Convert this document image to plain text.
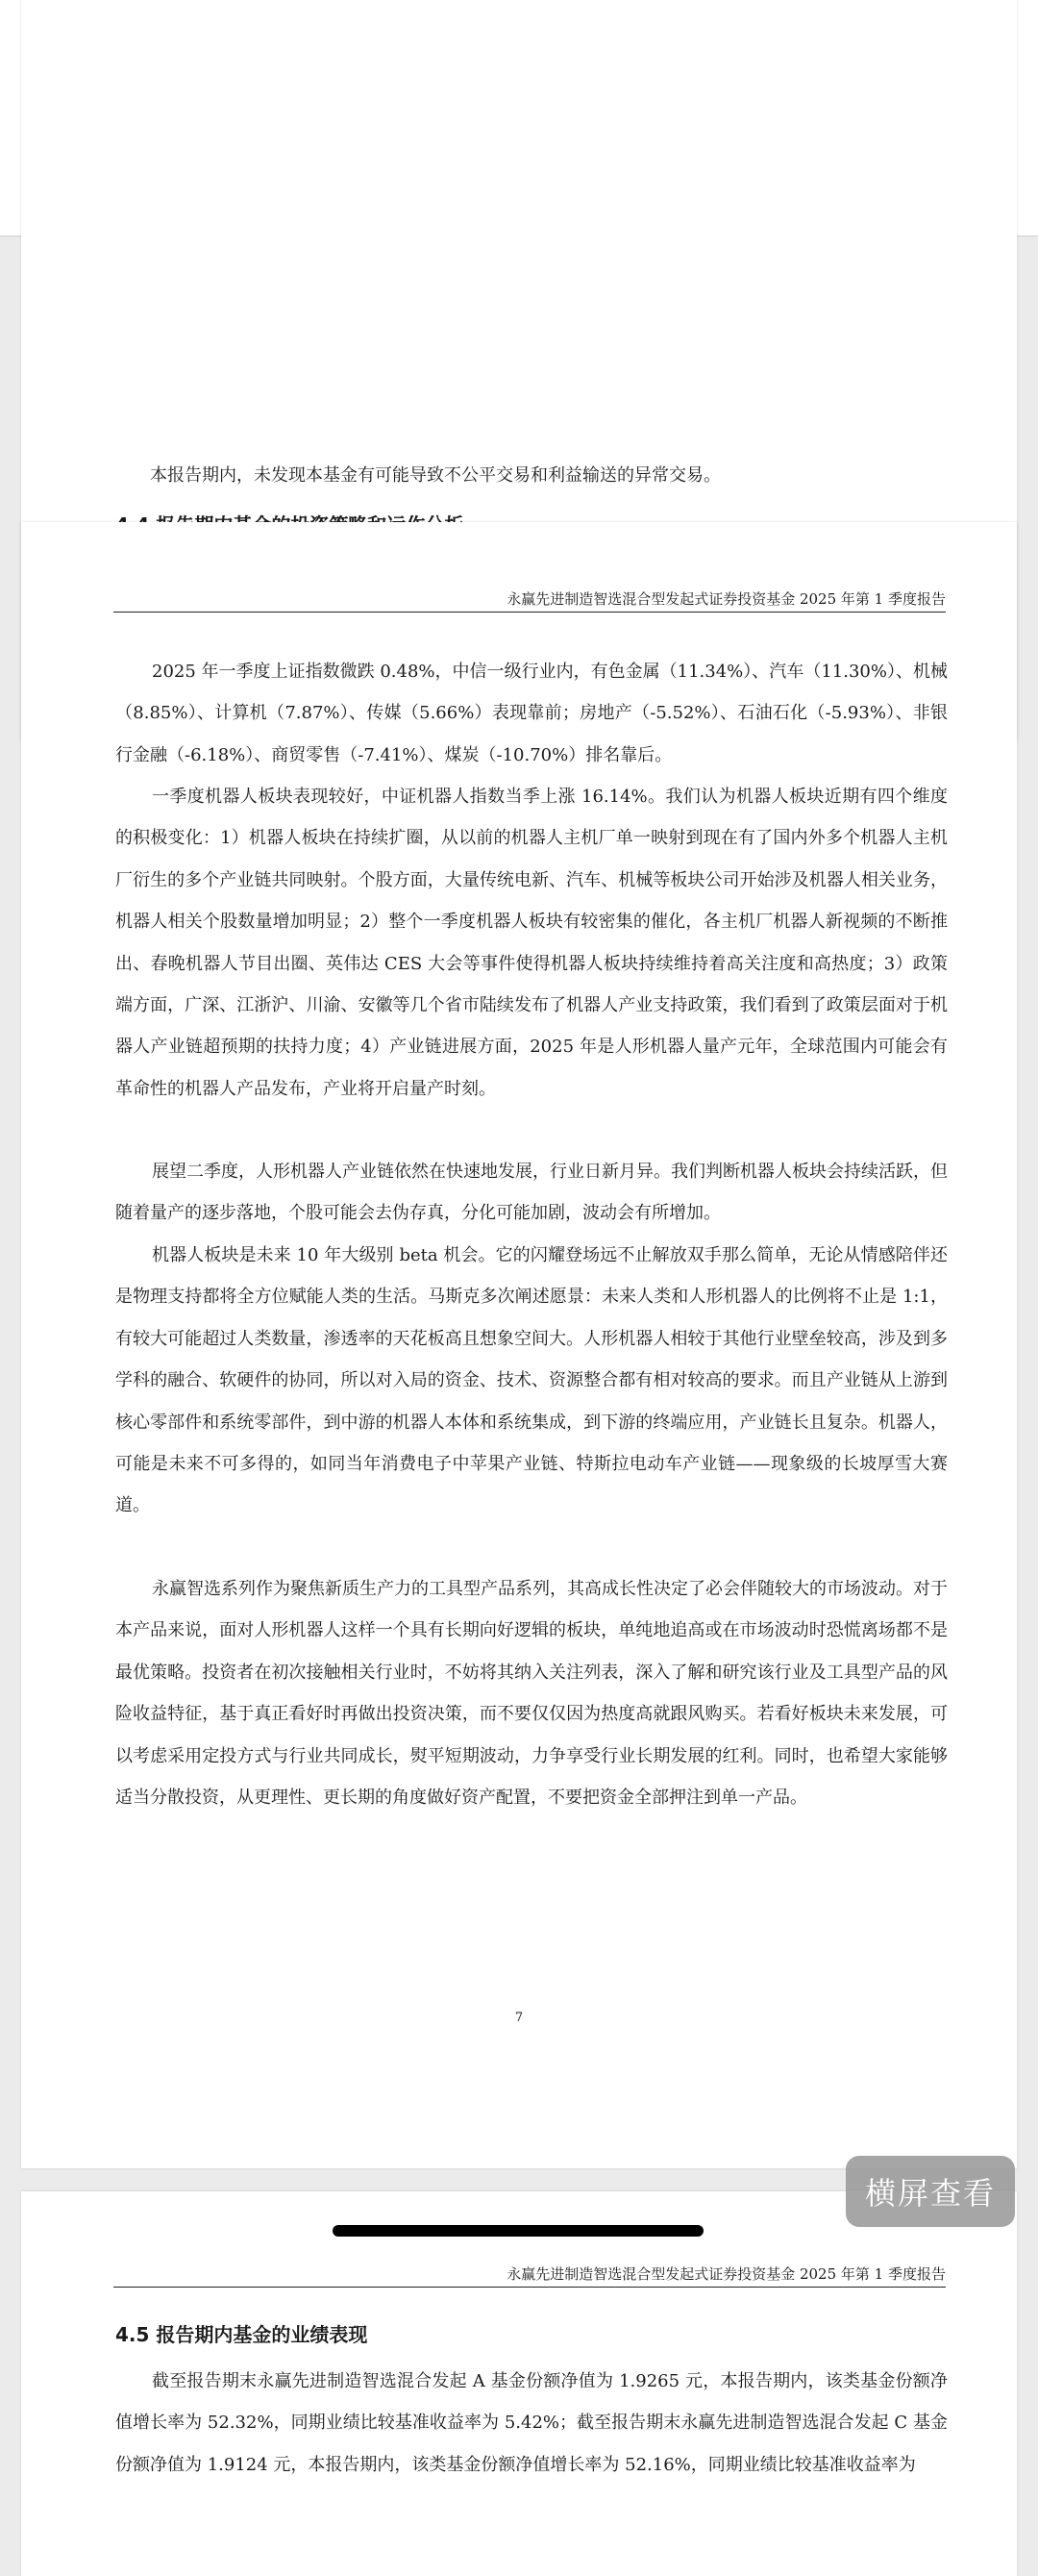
本报告期内，未发现本基金有可能导致不公平交易和利益输送的异常交易。
永赢先进制造智选混合型发起式证券投资基金 2025 年第 1 季度报告
2025 年一季度上证指数微跌 0.48%，中信一级行业内，有色金属（11.34%）、汽车（11.30%）、机械（8.85%）、计算机（7.87%）、传媒（5.66%）表现靠前；房地产（-5.52%）、石油石化（-5.93%）、非银行金融（-6.18%）、商贸零售（-7.41%）、煤炭（-10.70%）排名靠后。
一季度机器人板块表现较好，中证机器人指数当季上涨 16.14%。我们认为机器人板块近期有四个维度的积极变化：1）机器人板块在持续扩圈，从以前的机器人主机厂单一映射到现在有了国内外多个机器人主机厂衍生的多个产业链共同映射。个股方面，大量传统电新、汽车、机械等板块公司开始涉及机器人相关业务，机器人相关个股数量增加明显；2）整个一季度机器人板块有较密集的催化，各主机厂机器人新视频的不断推出、春晚机器人节目出圈、英伟达 CES 大会等事件使得机器人板块持续维持着高关注度和高热度；3）政策端方面，广深、江浙沪、川渝、安徽等几个省市陆续发布了机器人产业支持政策，我们看到了政策层面对于机器人产业链超预期的扶持力度；4）产业链进展方面，2025 年是人形机器人量产元年，全球范围内可能会有革命性的机器人产品发布，产业将开启量产时刻。
展望二季度，人形机器人产业链依然在快速地发展，行业日新月异。我们判断机器人板块会持续活跃，但随着量产的逐步落地，个股可能会去伪存真，分化可能加剧，波动会有所增加。
机器人板块是未来 10 年大级别 beta 机会。它的闪耀登场远不止解放双手那么简单，无论从情感陪伴还是物理支持都将全方位赋能人类的生活。马斯克多次阐述愿景：未来人类和人形机器人的比例将不止是 1:1，有较大可能超过人类数量，渗透率的天花板高且想象空间大。人形机器人相较于其他行业壁垒较高，涉及到多学科的融合、软硬件的协同，所以对入局的资金、技术、资源整合都有相对较高的要求。而且产业链从上游到核心零部件和系统零部件，到中游的机器人本体和系统集成，到下游的终端应用，产业链长且复杂。机器人，可能是未来不可多得的，如同当年消费电子中苹果产业链、特斯拉电动车产业链——现象级的长坡厚雪大赛道。
永赢智选系列作为聚焦新质生产力的工具型产品系列，其高成长性决定了必会伴随较大的市场波动。对于本产品来说，面对人形机器人这样一个具有长期向好逻辑的板块，单纯地追高或在市场波动时恐慌离场都不是最优策略。投资者在初次接触相关行业时，不妨将其纳入关注列表，深入了解和研究该行业及工具型产品的风险收益特征，基于真正看好时再做出投资决策，而不要仅仅因为热度高就跟风购买。若看好板块未来发展，可以考虑采用定投方式与行业共同成长，熨平短期波动，力争享受行业长期发展的红利。同时，也希望大家能够适当分散投资，从更理性、更长期的角度做好资产配置，不要把资金全部押注到单一产品。
7
永赢先进制造智选混合型发起式证券投资基金 2025 年第 1 季度报告
4.5 报告期内基金的业绩表现
截至报告期末永赢先进制造智选混合发起 A 基金份额净值为 1.9265 元，本报告期内，该类基金份额净值增长率为 52.32%，同期业绩比较基准收益率为 5.42%；截至报告期末永赢先进制造智选混合发起 C 基金份额净值为 1.9124 元，本报告期内，该类基金份额净值增长率为 52.16%，同期业绩比较基准收益率为
横屏查看
